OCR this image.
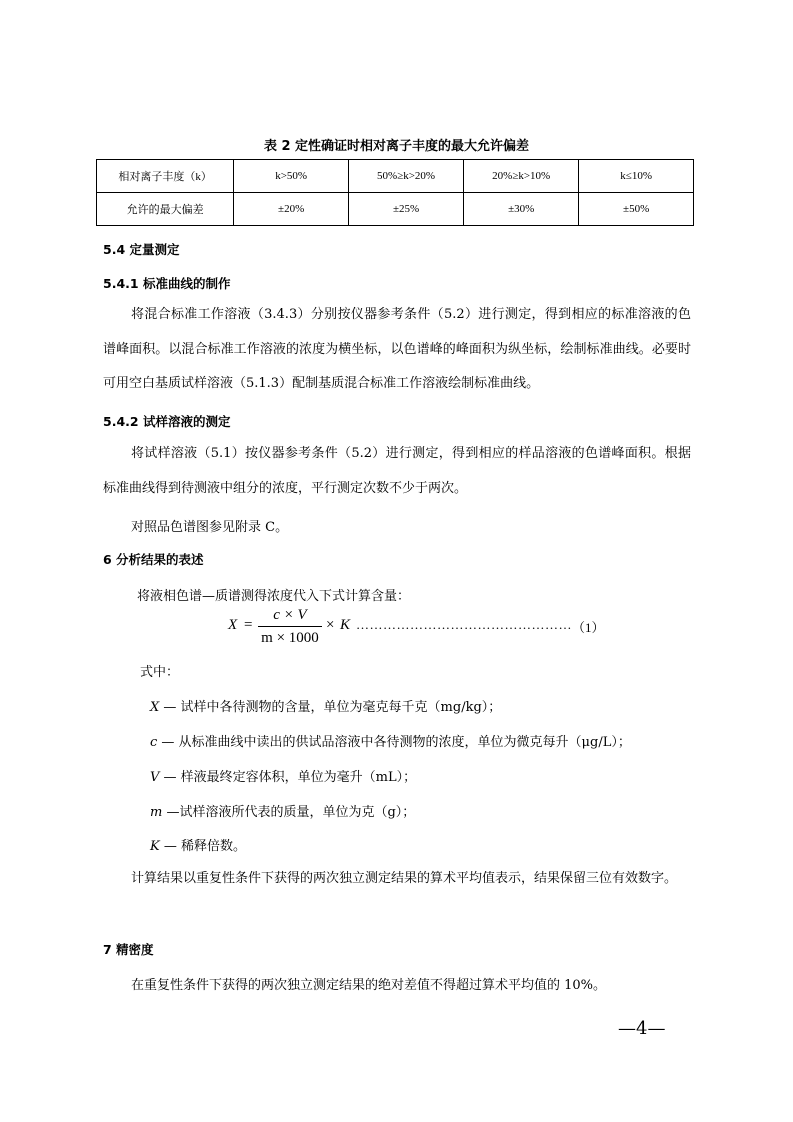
表 2 定性确证时相对离子丰度的最大允许偏差
相对离子丰度（k）	k>50%	50%≥k>20%	20%≥k>10%	k≤10%
允许的最大偏差	±20%	±25%	±30%	±50%
5.4 定量测定
5.4.1 标准曲线的制作
将混合标准工作溶液（3.4.3）分别按仪器参考条件（5.2）进行测定，得到相应的标准溶液的色谱峰面积。以混合标准工作溶液的浓度为横坐标，以色谱峰的峰面积为纵坐标，绘制标准曲线。必要时可用空白基质试样溶液（5.1.3）配制基质混合标准工作溶液绘制标准曲线。
5.4.2 试样溶液的测定
将试样溶液（5.1）按仪器参考条件（5.2）进行测定，得到相应的样品溶液的色谱峰面积。根据标准曲线得到待测液中组分的浓度，平行测定次数不少于两次。
对照品色谱图参见附录 C。
6 分析结果的表述
将液相色谱—质谱测得浓度代入下式计算含量：
X =
c × V
m × 1000
× K ………………………………………… （1）
式中：
X — 试样中各待测物的含量，单位为毫克每千克（mg/kg）；
c — 从标准曲线中读出的供试品溶液中各待测物的浓度，单位为微克每升（μg/L）；
V — 样液最终定容体积，单位为毫升（mL）；
m —试样溶液所代表的质量，单位为克（g）；
K — 稀释倍数。
计算结果以重复性条件下获得的两次独立测定结果的算术平均值表示，结果保留三位有效数字。
7 精密度
在重复性条件下获得的两次独立测定结果的绝对差值不得超过算术平均值的 10%。
—4—
